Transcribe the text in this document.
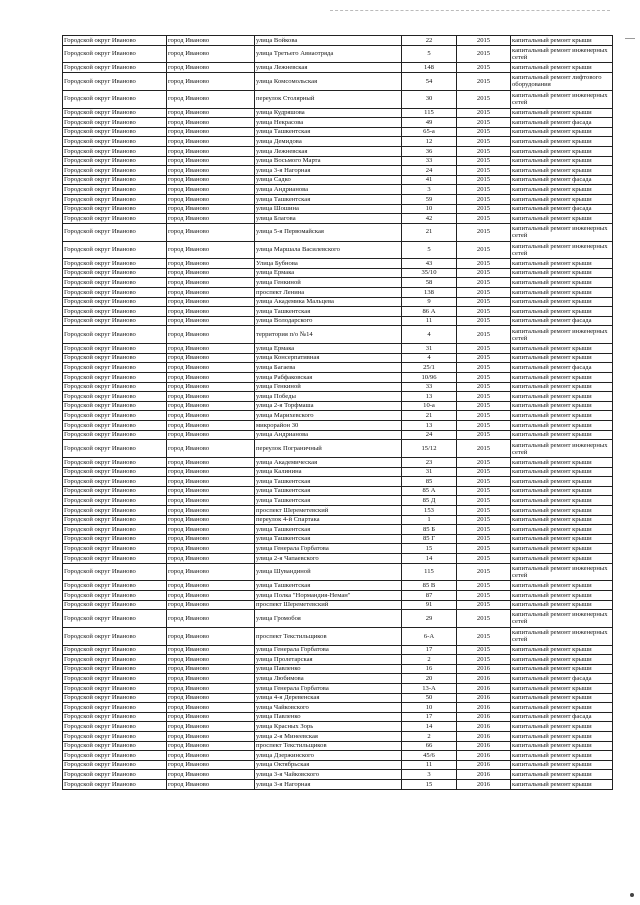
Городской округ Иваново	город Иваново	улица Войкова	22	2015	капитальный ремонт крыши
Городской округ Иваново	город Иваново	улица Третьего Авиаотряда	5	2015	капитальный ремонт инженерных сетей
Городской округ Иваново	город Иваново	улица Лежневская	148	2015	капитальный ремонт крыши
Городской округ Иваново	город Иваново	улица Комсомольская	54	2015	капитальный ремонт лифтового оборудования
Городской округ Иваново	город Иваново	переулок Столярный	30	2015	капитальный ремонт инженерных сетей
Городской округ Иваново	город Иваново	улица Кудряшова	115	2015	капитальный ремонт крыши
Городской округ Иваново	город Иваново	улица Некрасова	49	2015	капитальный ремонт фасада
Городской округ Иваново	город Иваново	улица Ташкентская	65-а	2015	капитальный ремонт крыши
Городской округ Иваново	город Иваново	улица Демидова	12	2015	капитальный ремонт крыши
Городской округ Иваново	город Иваново	улица Лежневская	36	2015	капитальный ремонт крыши
Городской округ Иваново	город Иваново	улица Восьмого Марта	33	2015	капитальный ремонт крыши
Городской округ Иваново	город Иваново	улица 3-я Нагорная	24	2015	капитальный ремонт крыши
Городской округ Иваново	город Иваново	улица Садко	41	2015	капитальный ремонт фасада
Городской округ Иваново	город Иваново	улица Андрианова	3	2015	капитальный ремонт крыши
Городской округ Иваново	город Иваново	улица Ташкентская	59	2015	капитальный ремонт крыши
Городской округ Иваново	город Иваново	улица Шошина	10	2015	капитальный ремонт фасада
Городской округ Иваново	город Иваново	улица Благова	42	2015	капитальный ремонт крыши
Городской округ Иваново	город Иваново	улица 5-я Первомайская	21	2015	капитальный ремонт инженерных сетей
Городской округ Иваново	город Иваново	улица Маршала Василевского	5	2015	капитальный ремонт инженерных сетей
Городской округ Иваново	город Иваново	Улица Бубнова	43	2015	капитальный ремонт крыши
Городской округ Иваново	город Иваново	улица Ермака	35/10	2015	капитальный ремонт крыши
Городской округ Иваново	город Иваново	улица Генкиной	58	2015	капитальный ремонт крыши
Городской округ Иваново	город Иваново	проспект Ленина	138	2015	капитальный ремонт крыши
Городской округ Иваново	город Иваново	улица Академика Мальцева	9	2015	капитальный ремонт крыши
Городской округ Иваново	город Иваново	улица Ташкентская	86 А	2015	капитальный ремонт крыши
Городской округ Иваново	город Иваново	улица Володарского	11	2015	капитальный ремонт фасада
Городской округ Иваново	город Иваново	территория п/о №14	4	2015	капитальный ремонт инженерных сетей
Городской округ Иваново	город Иваново	улица Ермака	31	2015	капитальный ремонт крыши
Городской округ Иваново	город Иваново	улица Консерпативная	4	2015	капитальный ремонт крыши
Городской округ Иваново	город Иваново	улица Багаева	25/1	2015	капитальный ремонт фасада
Городской округ Иваново	город Иваново	улица Рабфаковская	10/96	2015	капитальный ремонт крыши
Городской округ Иваново	город Иваново	улица Генкиной	33	2015	капитальный ремонт крыши
Городской округ Иваново	город Иваново	улица Победы	13	2015	капитальный ремонт крыши
Городской округ Иваново	город Иваново	улица 2-я Торфмаша	10-а	2015	капитальный ремонт крыши
Городской округ Иваново	город Иваново	улица Марихевского	21	2015	капитальный ремонт крыши
Городской округ Иваново	город Иваново	микрорайон 30	13	2015	капитальный ремонт крыши
Городской округ Иваново	город Иваново	улица Андрианова	24	2015	капитальный ремонт крыши
Городской округ Иваново	город Иваново	переулок Пограничный	15/12	2015	капитальный ремонт инженерных сетей
Городской округ Иваново	город Иваново	улица Академическая	23	2015	капитальный ремонт крыши
Городской округ Иваново	город Иваново	улица Калинина	31	2015	капитальный ремонт крыши
Городской округ Иваново	город Иваново	улица Ташкентская	85	2015	капитальный ремонт крыши
Городской округ Иваново	город Иваново	улица Ташкентская	85 А	2015	капитальный ремонт крыши
Городской округ Иваново	город Иваново	улица Ташкентская	85 Д	2015	капитальный ремонт крыши
Городской округ Иваново	город Иваново	проспект Шереметевский	153	2015	капитальный ремонт крыши
Городской округ Иваново	город Иваново	переулок 4-й Спартака	1	2015	капитальный ремонт крыши
Городской округ Иваново	город Иваново	улица Ташкентская	85 Б	2015	капитальный ремонт крыши
Городской округ Иваново	город Иваново	улица Ташкентская	85 Г	2015	капитальный ремонт крыши
Городской округ Иваново	город Иваново	улица Генерала Горбатова	15	2015	капитальный ремонт крыши
Городской округ Иваново	город Иваново	улица 2-я Чапаевского	14	2015	капитальный ремонт крыши
Городской округ Иваново	город Иваново	улица Шувандиной	115	2015	капитальный ремонт инженерных сетей
Городской округ Иваново	город Иваново	улица Ташкентская	85 В	2015	капитальный ремонт крыши
Городской округ Иваново	город Иваново	улица Полка "Нормандия-Неман"	87	2015	капитальный ремонт крыши
Городской округ Иваново	город Иваново	проспект Шереметевский	91	2015	капитальный ремонт крыши
Городской округ Иваново	город Иваново	улица Громобоя	29	2015	капитальный ремонт инженерных сетей
Городской округ Иваново	город Иваново	проспект Текстильщиков	6-А	2015	капитальный ремонт инженерных сетей
Городской округ Иваново	город Иваново	улица Генерала Горбатова	17	2015	капитальный ремонт крыши
Городской округ Иваново	город Иваново	улица Пролетарская	2	2015	капитальный ремонт крыши
Городской округ Иваново	город Иваново	улица Павленко	16	2016	капитальный ремонт крыши
Городской округ Иваново	город Иваново	улица Любимова	20	2016	капитальный ремонт фасада
Городской округ Иваново	город Иваново	улица Генерала Горбатова	13-А	2016	капитальный ремонт крыши
Городской округ Иваново	город Иваново	улица 4-я Деревенская	50	2016	капитальный ремонт крыши
Городской округ Иваново	город Иваново	улица Чайковского	10	2016	капитальный ремонт крыши
Городской округ Иваново	город Иваново	улица Павленко	17	2016	капитальный ремонт фасада
Городской округ Иваново	город Иваново	улица Красных Зорь	14	2016	капитальный ремонт крыши
Городской округ Иваново	город Иваново	улица 2-я Минеевская	2	2016	капитальный ремонт крыши
Городской округ Иваново	город Иваново	проспект Текстильщиков	66	2016	капитальный ремонт крыши
Городской округ Иваново	город Иваново	улица Дзержинского	45/6	2016	капитальный ремонт крыши
Городской округ Иваново	город Иваново	улица Октябрьская	11	2016	капитальный ремонт крыши
Городской округ Иваново	город Иваново	улица 3-я Чайковского	3	2016	капитальный ремонт крыши
Городской округ Иваново	город Иваново	улица 3-я Нагорная	15	2016	капитальный ремонт крыши
